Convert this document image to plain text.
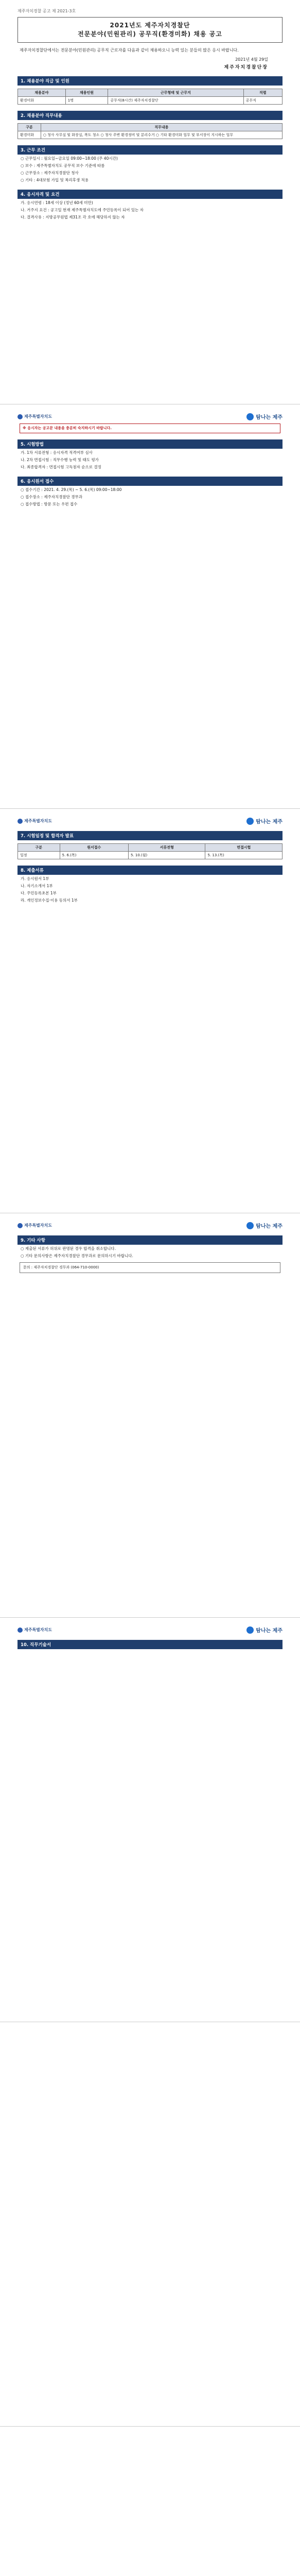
제주자치경찰 공고 제 2021-3호
2021년도 제주자치경찰단
전문분야(민원관리) 공무직(환경미화) 채용 공고
제주자치경찰단에서는 전문분야(민원관리) 공무직 근로자를 다음과 같이 채용하오니 능력 있는 분들의 많은 응시 바랍니다.
2021년 4월 29일
제주자치경찰단장
1. 채용분야 직급 및 인원
채용분야	채용인원	근무형태 및 근무지	직렬
환경미화	1명	공무직(8시간) 제주자치경찰단	공무직
2. 채용분야 직무내용
구분	직무내용
환경미화	○ 청사 사무실 및 화장실, 복도 청소 ○ 청사 주변 환경정비 및 분리수거 ○ 기타 환경미화 업무 및 부서장이 지시하는 업무
3. 근무 조건
○ 근무일시 : 월요일~금요일 09:00~18:00 (주 40시간)
○ 보수 : 제주특별자치도 공무직 보수 기준에 따름
○ 근무장소 : 제주자치경찰단 청사
○ 기타 : 4대보험 가입 및 복리후생 적용
4. 응시자격 및 요건
가. 응시연령 : 18세 이상 (정년 60세 미만)
나. 거주지 요건 : 공고일 현재 제주특별자치도에 주민등록이 되어 있는 자
다. 결격사유 : 지방공무원법 제31조 각 호에 해당하지 않는 자
제주특별자치도	탐나는 제주
※ 응시자는 공고문 내용을 충분히 숙지하시기 바랍니다.
5. 시험방법
가. 1차 서류전형 : 응시자격 적격여부 심사
나. 2차 면접시험 : 직무수행 능력 및 태도 평가
다. 최종합격자 : 면접시험 고득점자 순으로 결정
6. 응시원서 접수
○ 접수기간 : 2021. 4. 29.(목) ~ 5. 6.(목) 09:00~18:00
○ 접수장소 : 제주자치경찰단 경무과
○ 접수방법 : 방문 또는 우편 접수
제주특별자치도	탐나는 제주
7. 시험일정 및 합격자 발표
구분	원서접수	서류전형	면접시험
일정	5. 6.(목)	5. 10.(월)	5. 13.(목)
8. 제출서류
가. 응시원서 1부
나. 자기소개서 1부
다. 주민등록초본 1부
라. 개인정보수집·이용 동의서 1부
제주특별자치도	탐나는 제주
9. 기타 사항
○ 제출된 서류가 허위로 판명된 경우 합격을 취소합니다.
○ 기타 문의사항은 제주자치경찰단 경무과로 문의하시기 바랍니다.
문의 : 제주자치경찰단 경무과 (064-710-0000)
제주특별자치도	탐나는 제주
10. 직무기술서
